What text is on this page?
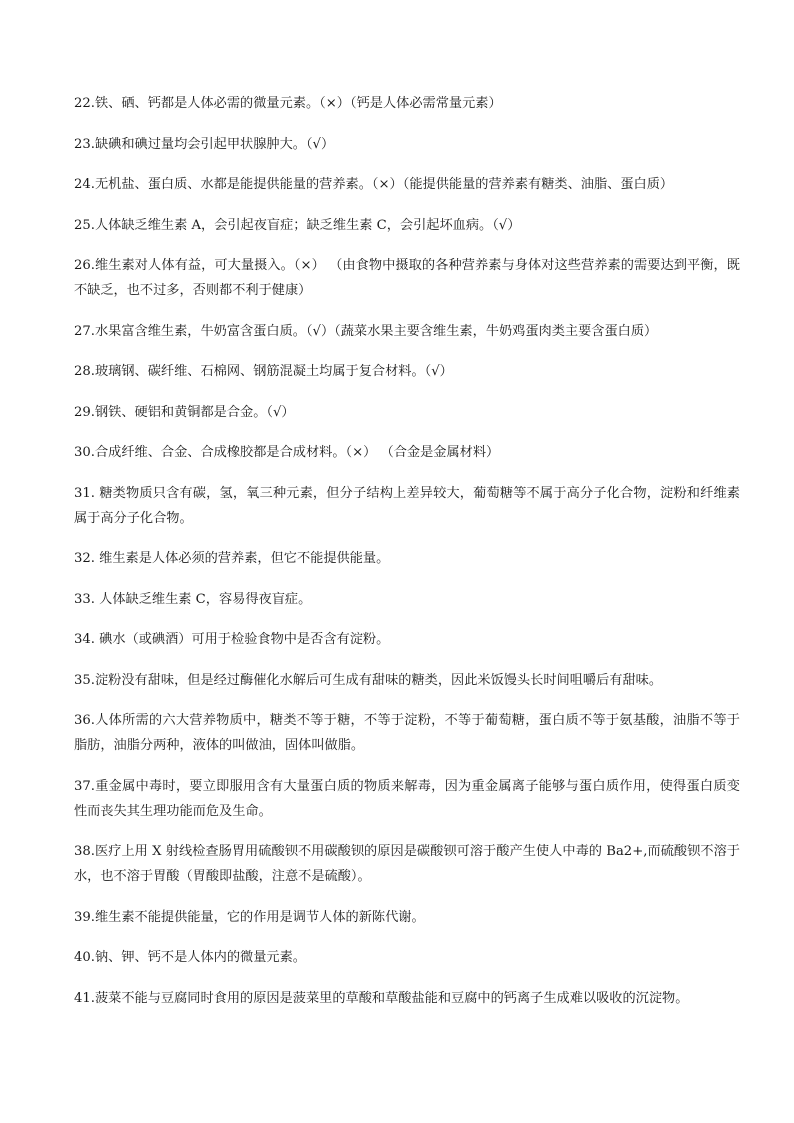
22.铁、硒、钙都是人体必需的微量元素。（×）（钙是人体必需常量元素）

23.缺碘和碘过量均会引起甲状腺肿大。（√）

24.无机盐、蛋白质、水都是能提供能量的营养素。（×）（能提供能量的营养素有糖类、油脂、蛋白质）

25.人体缺乏维生素 A，会引起夜盲症；缺乏维生素 C，会引起坏血病。（√）

26.维生素对人体有益，可大量摄入。（×） （由食物中摄取的各种营养素与身体对这些营养素的需要达到平衡，既不缺乏，也不过多，否则都不利于健康）

27.水果富含维生素，牛奶富含蛋白质。（√）（蔬菜水果主要含维生素，牛奶鸡蛋肉类主要含蛋白质）

28.玻璃钢、碳纤维、石棉网、钢筋混凝土均属于复合材料。（√）

29.钢铁、硬铝和黄铜都是合金。（√）

30.合成纤维、合金、合成橡胶都是合成材料。（×） （合金是金属材料）

31. 糖类物质只含有碳，氢，氧三种元素，但分子结构上差异较大，葡萄糖等不属于高分子化合物，淀粉和纤维素属于高分子化合物。

32. 维生素是人体必须的营养素，但它不能提供能量。

33. 人体缺乏维生素 C，容易得夜盲症。

34. 碘水（或碘酒）可用于检验食物中是否含有淀粉。

35.淀粉没有甜味，但是经过酶催化水解后可生成有甜味的糖类，因此米饭馒头长时间咀嚼后有甜味。

36.人体所需的六大营养物质中，糖类不等于糖，不等于淀粉，不等于葡萄糖，蛋白质不等于氨基酸，油脂不等于脂肪，油脂分两种，液体的叫做油，固体叫做脂。

37.重金属中毒时，要立即服用含有大量蛋白质的物质来解毒，因为重金属离子能够与蛋白质作用，使得蛋白质变性而丧失其生理功能而危及生命。

38.医疗上用 X 射线检查肠胃用硫酸钡不用碳酸钡的原因是碳酸钡可溶于酸产生使人中毒的 Ba2+,而硫酸钡不溶于水，也不溶于胃酸（胃酸即盐酸，注意不是硫酸）。

39.维生素不能提供能量，它的作用是调节人体的新陈代谢。

40.钠、钾、钙不是人体内的微量元素。

41.菠菜不能与豆腐同时食用的原因是菠菜里的草酸和草酸盐能和豆腐中的钙离子生成难以吸收的沉淀物。
